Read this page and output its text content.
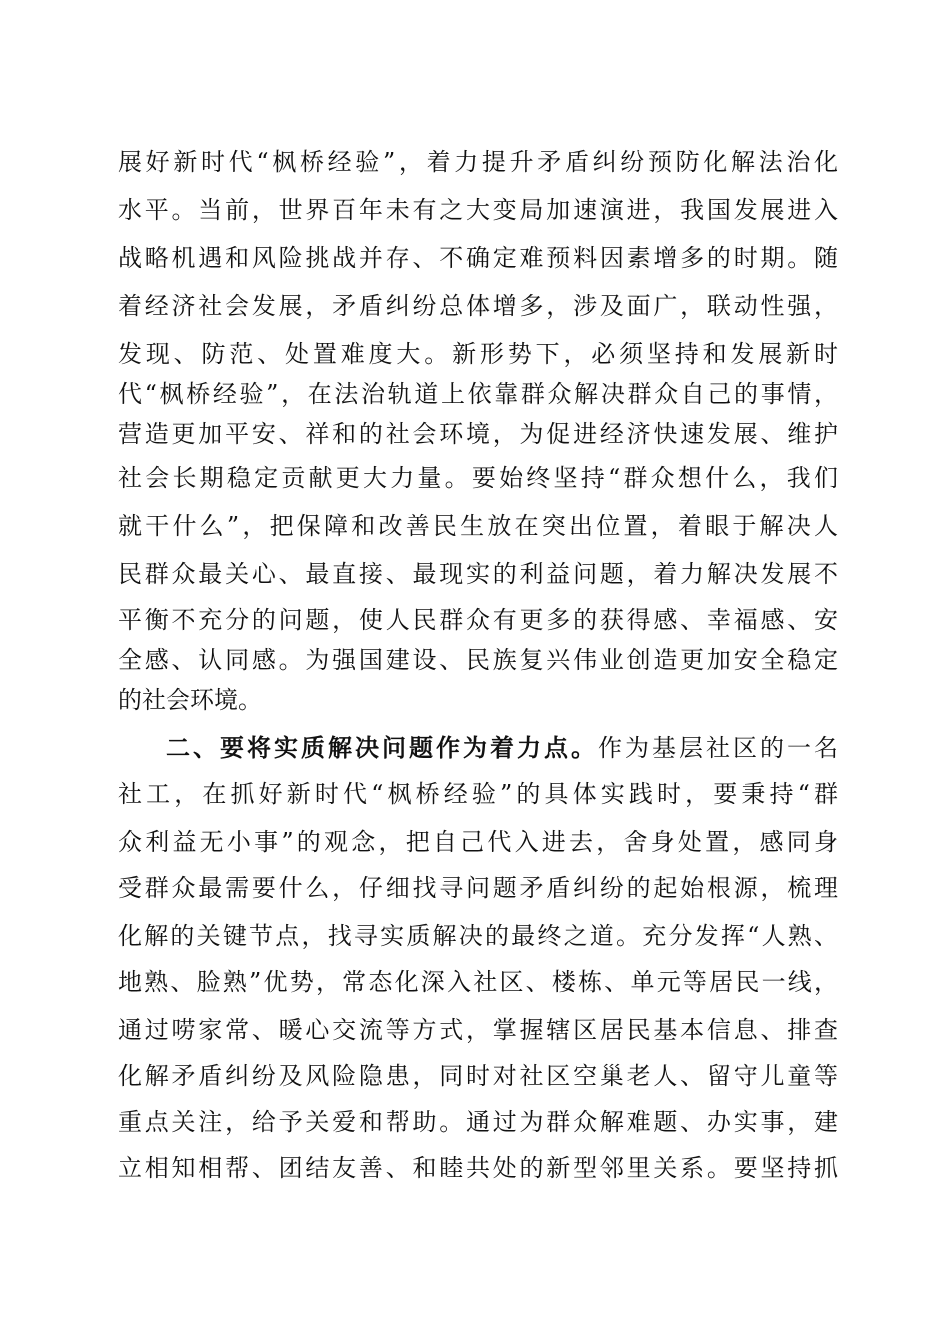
展好新时代“枫桥经验”，着力提升矛盾纠纷预防化解法治化
水平。当前，世界百年未有之大变局加速演进，我国发展进入
战略机遇和风险挑战并存、不确定难预料因素增多的时期。随
着经济社会发展，矛盾纠纷总体增多，涉及面广，联动性强，
发现、防范、处置难度大。新形势下，必须坚持和发展新时
代“枫桥经验”，在法治轨道上依靠群众解决群众自己的事情，
营造更加平安、祥和的社会环境，为促进经济快速发展、维护
社会长期稳定贡献更大力量。要始终坚持“群众想什么，我们
就干什么”，把保障和改善民生放在突出位置，着眼于解决人
民群众最关心、最直接、最现实的利益问题，着力解决发展不
平衡不充分的问题，使人民群众有更多的获得感、幸福感、安
全感、认同感。为强国建设、民族复兴伟业创造更加安全稳定
的社会环境。
二、要将实质解决问题作为着力点。作为基层社区的一名
社工，在抓好新时代“枫桥经验”的具体实践时，要秉持“群
众利益无小事”的观念，把自己代入进去，舍身处置，感同身
受群众最需要什么，仔细找寻问题矛盾纠纷的起始根源，梳理
化解的关键节点，找寻实质解决的最终之道。充分发挥“人熟、
地熟、脸熟”优势，常态化深入社区、楼栋、单元等居民一线，
通过唠家常、暖心交流等方式，掌握辖区居民基本信息、排查
化解矛盾纠纷及风险隐患，同时对社区空巢老人、留守儿童等
重点关注，给予关爱和帮助。通过为群众解难题、办实事，建
立相知相帮、团结友善、和睦共处的新型邻里关系。要坚持抓
